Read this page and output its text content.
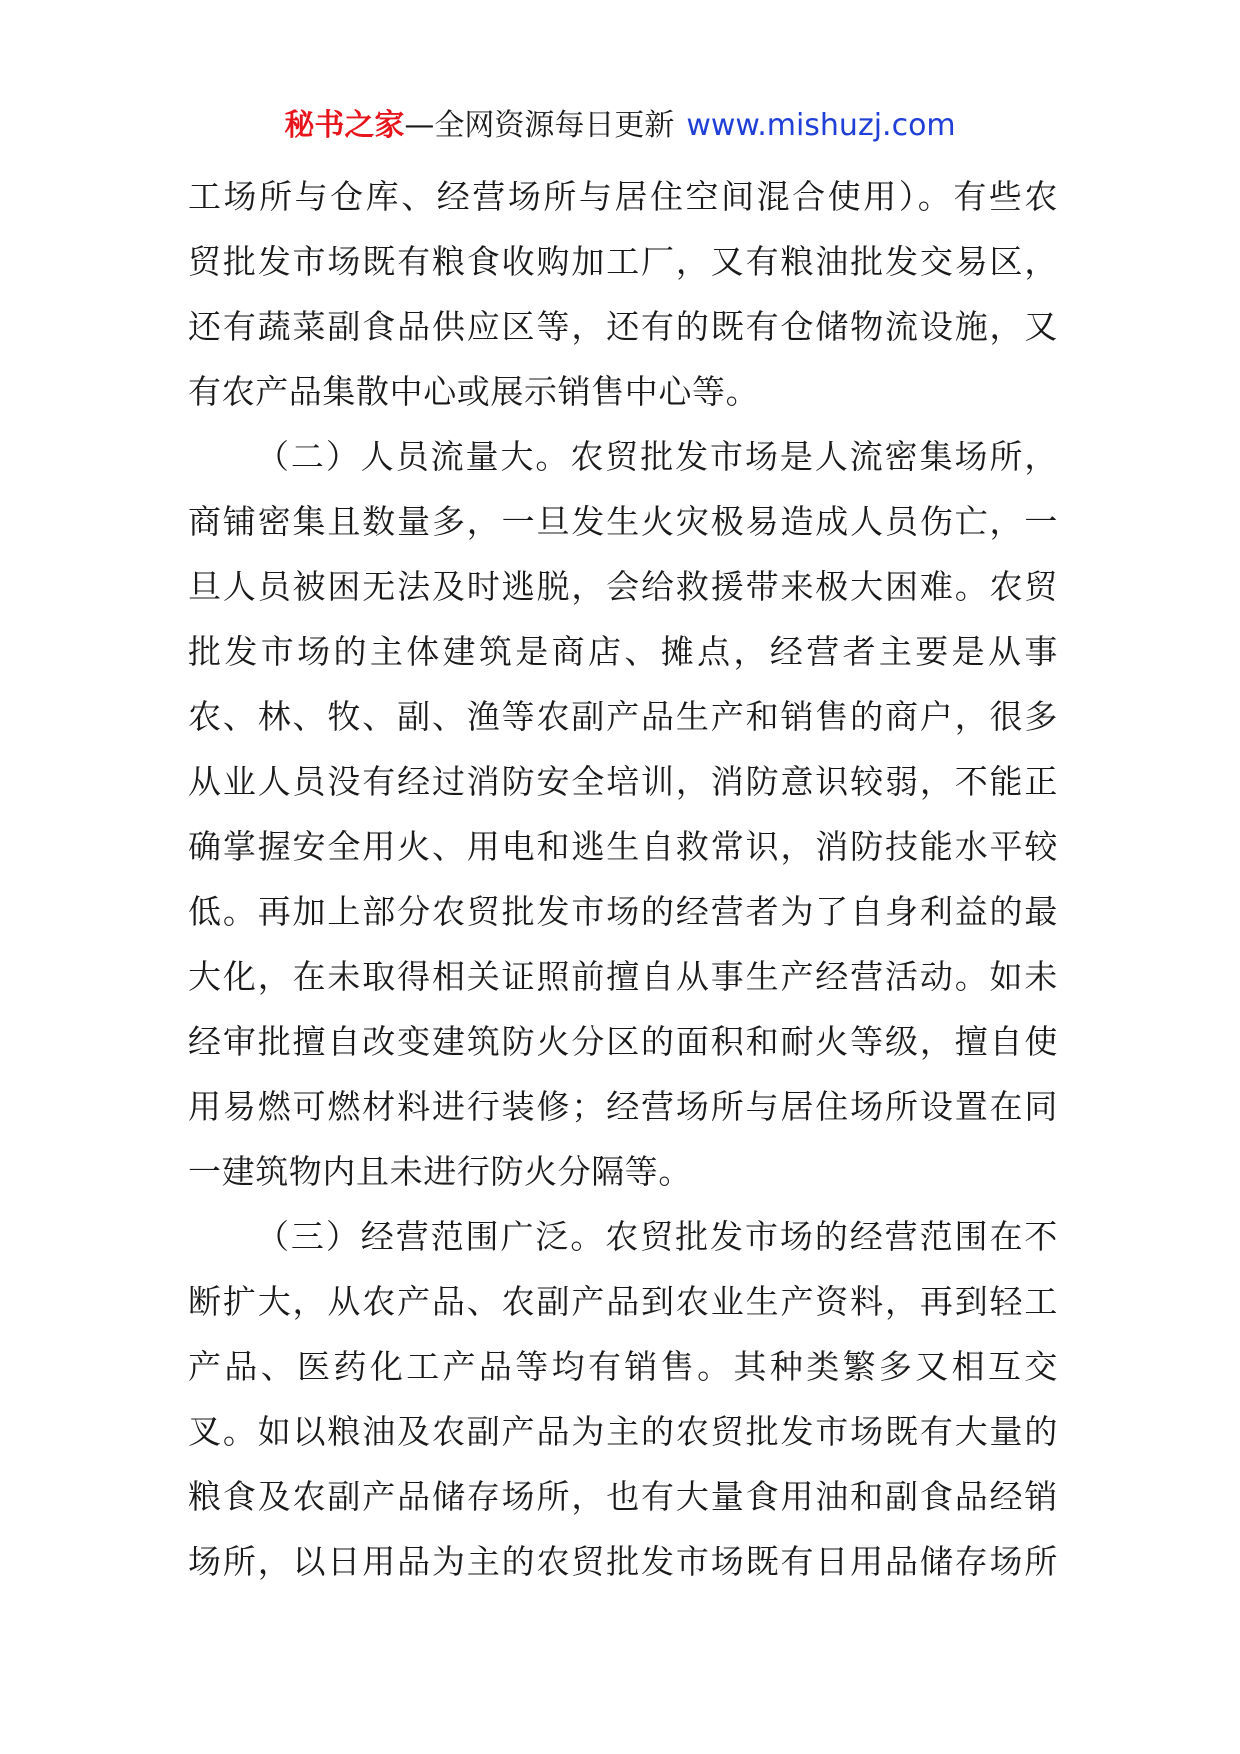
秘书之家—全网资源每日更新 www.mishuzj.com
工场所与仓库、经营场所与居住空间混合使用）。有些农
贸批发市场既有粮食收购加工厂，又有粮油批发交易区，
还有蔬菜副食品供应区等，还有的既有仓储物流设施，又
有农产品集散中心或展示销售中心等。
（二）人员流量大。农贸批发市场是人流密集场所，
商铺密集且数量多，一旦发生火灾极易造成人员伤亡，一
旦人员被困无法及时逃脱，会给救援带来极大困难。农贸
批发市场的主体建筑是商店、摊点，经营者主要是从事
农、林、牧、副、渔等农副产品生产和销售的商户，很多
从业人员没有经过消防安全培训，消防意识较弱，不能正
确掌握安全用火、用电和逃生自救常识，消防技能水平较
低。再加上部分农贸批发市场的经营者为了自身利益的最
大化，在未取得相关证照前擅自从事生产经营活动。如未
经审批擅自改变建筑防火分区的面积和耐火等级，擅自使
用易燃可燃材料进行装修；经营场所与居住场所设置在同
一建筑物内且未进行防火分隔等。
（三）经营范围广泛。农贸批发市场的经营范围在不
断扩大，从农产品、农副产品到农业生产资料，再到轻工
产品、医药化工产品等均有销售。其种类繁多又相互交
叉。如以粮油及农副产品为主的农贸批发市场既有大量的
粮食及农副产品储存场所，也有大量食用油和副食品经销
场所，以日用品为主的农贸批发市场既有日用品储存场所
